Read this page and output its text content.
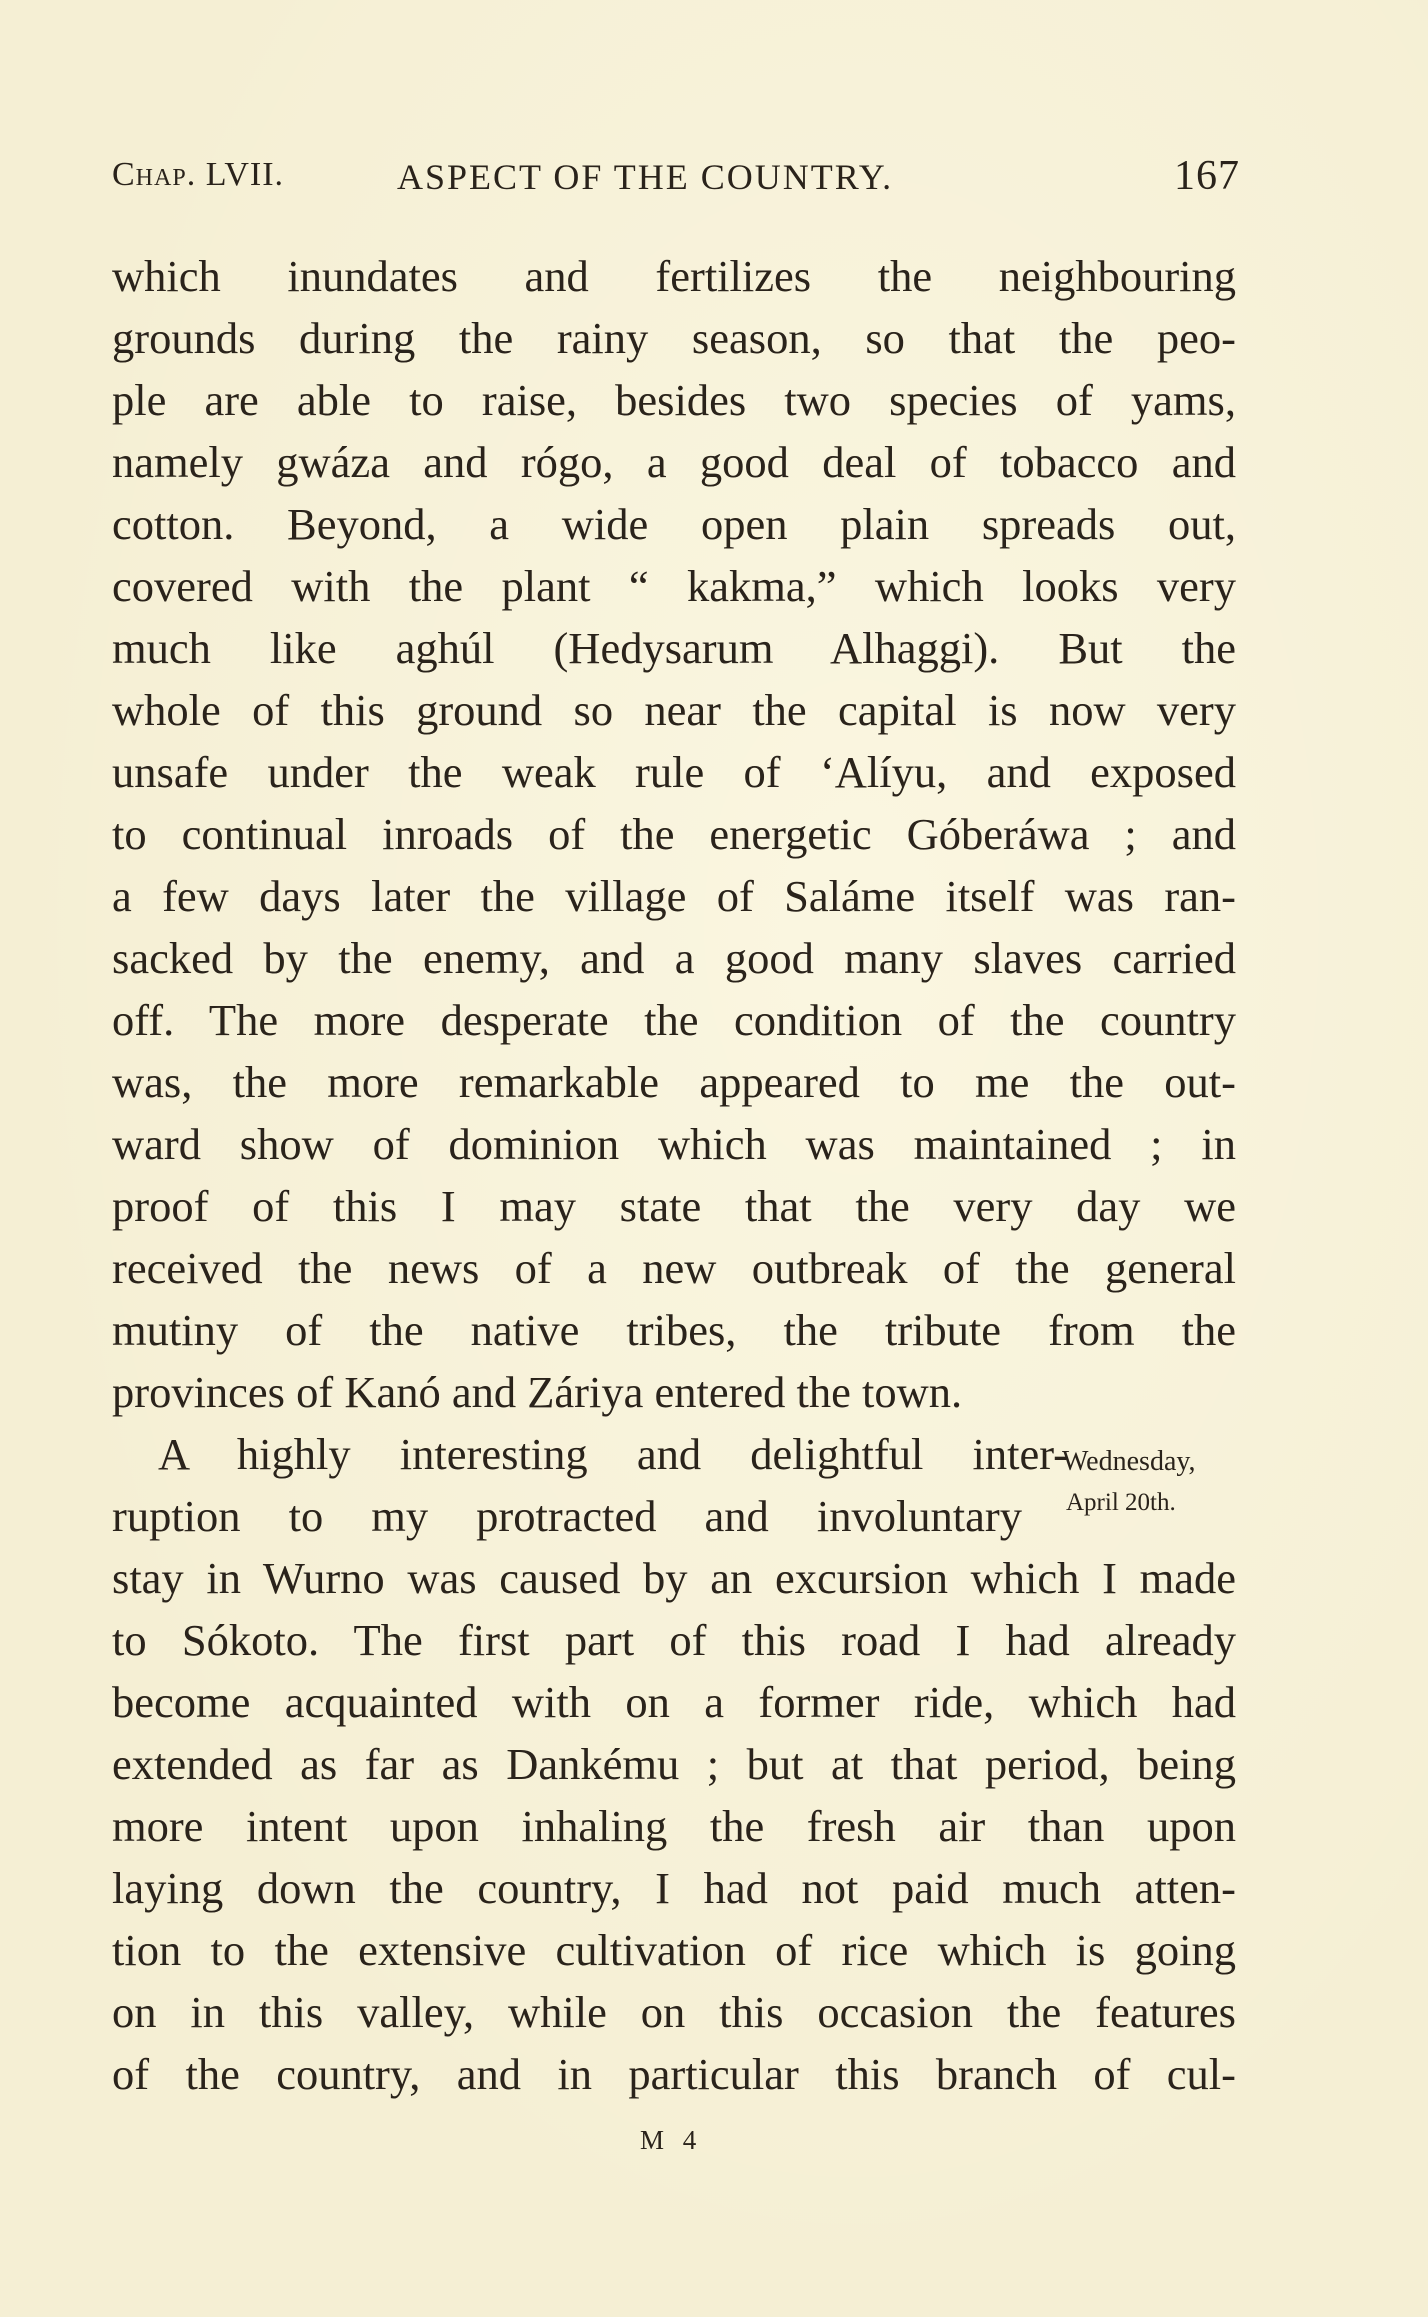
Chap. LVII.	ASPECT OF THE COUNTRY.	167
which inundates and fertilizes the neighbouring
grounds during the rainy season, so that the peo-
ple are able to raise, besides two species of yams,
namely gwáza and rógo, a good deal of tobacco and
cotton. Beyond, a wide open plain spreads out,
covered with the plant “ kakma,” which looks very
much like aghúl (Hedysarum Alhaggi). But the
whole of this ground so near the capital is now very
unsafe under the weak rule of ʻAlíyu, and exposed
to continual inroads of the energetic Góberáwa ; and
a few days later the village of Saláme itself was ran-
sacked by the enemy, and a good many slaves carried
off. The more desperate the condition of the country
was, the more remarkable appeared to me the out-
ward show of dominion which was maintained ; in
proof of this I may state that the very day we
received the news of a new outbreak of the general
mutiny of the native tribes, the tribute from the
provinces of Kanó and Záriya entered the town.
A highly interesting and delightful inter-
ruption to my protracted and involuntary
stay in Wurno was caused by an excursion which I made
to Sókoto. The first part of this road I had already
become acquainted with on a former ride, which had
extended as far as Dankému ; but at that period, being
more intent upon inhaling the fresh air than upon
laying down the country, I had not paid much atten-
tion to the extensive cultivation of rice which is going
on in this valley, while on this occasion the features
of the country, and in particular this branch of cul-
Wednesday,
April 20th.
M 4
